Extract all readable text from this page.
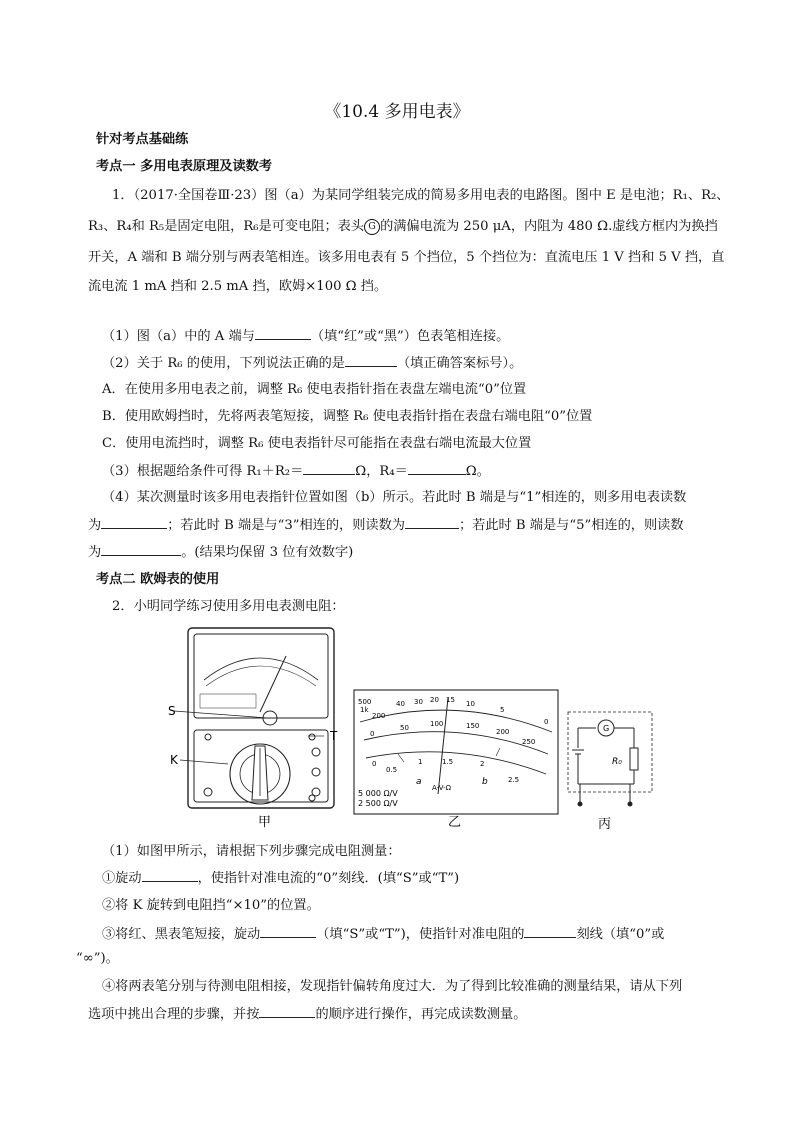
《10.4 多用电表》
针对考点基础练
考点一 多用电表原理及读数考
1．（2017·全国卷Ⅲ·23）图（a）为某同学组装完成的简易多用电表的电路图。图中 E 是电池；R₁、R₂、
R₃、R₄和 R₅是固定电阻，R₆是可变电阻；表头 G 的满偏电流为 250 μA，内阻为 480 Ω.虚线方框内为换挡
开关，A 端和 B 端分别与两表笔相连。该多用电表有 5 个挡位，5 个挡位为：直流电压 1 V 挡和 5 V 挡，直
流电流 1 mA 挡和 2.5 mA 挡，欧姆×100 Ω 挡。
（1）图（a）中的 A 端与	（填“红”或“黑”）色表笔相连接。
（2）关于 R₆ 的使用，下列说法正确的是	（填正确答案标号）。
A．在使用多用电表之前，调整 R₆ 使电表指针指在表盘左端电流“0”位置
B．使用欧姆挡时，先将两表笔短接，调整 R₆ 使电表指针指在表盘右端电阻“0”位置
C．使用电流挡时，调整 R₆ 使电表指针尽可能指在表盘右端电流最大位置
（3）根据题给条件可得 R₁＋R₂＝	Ω，R₄＝	Ω。
（4）某次测量时该多用电表指针位置如图（b）所示。若此时 B 端是与“1”相连的，则多用电表读数
为	；若此时 B 端是与“3”相连的，则读数为	；若此时 B 端是与“5”相连的，则读数
为	。(结果均保留 3 位有效数字)
考点二 欧姆表的使用
2．小明同学练习使用多用电表测电阻：
S
K
T
甲
500
1k
200
40 30 20 15 10
5
0
0
50	100	150
200
250
0
0.5
1	1.5	2
2.5
a	b
A-V-Ω
5 000 Ω/V
2 500 Ω/V
乙
G
R₀
丙
（1）如图甲所示，请根据下列步骤完成电阻测量：
①旋动	，使指针对准电流的“0”刻线．(填“S”或“T”)
②将 K 旋转到电阻挡“×10”的位置。
③将红、黑表笔短接，旋动	（填“S”或“T”)，使指针对准电阻的	刻线（填“0”或
“∞”)。
④将两表笔分别与待测电阻相接，发现指针偏转角度过大．为了得到比较准确的测量结果，请从下列
选项中挑出合理的步骤，并按	的顺序进行操作，再完成读数测量。
